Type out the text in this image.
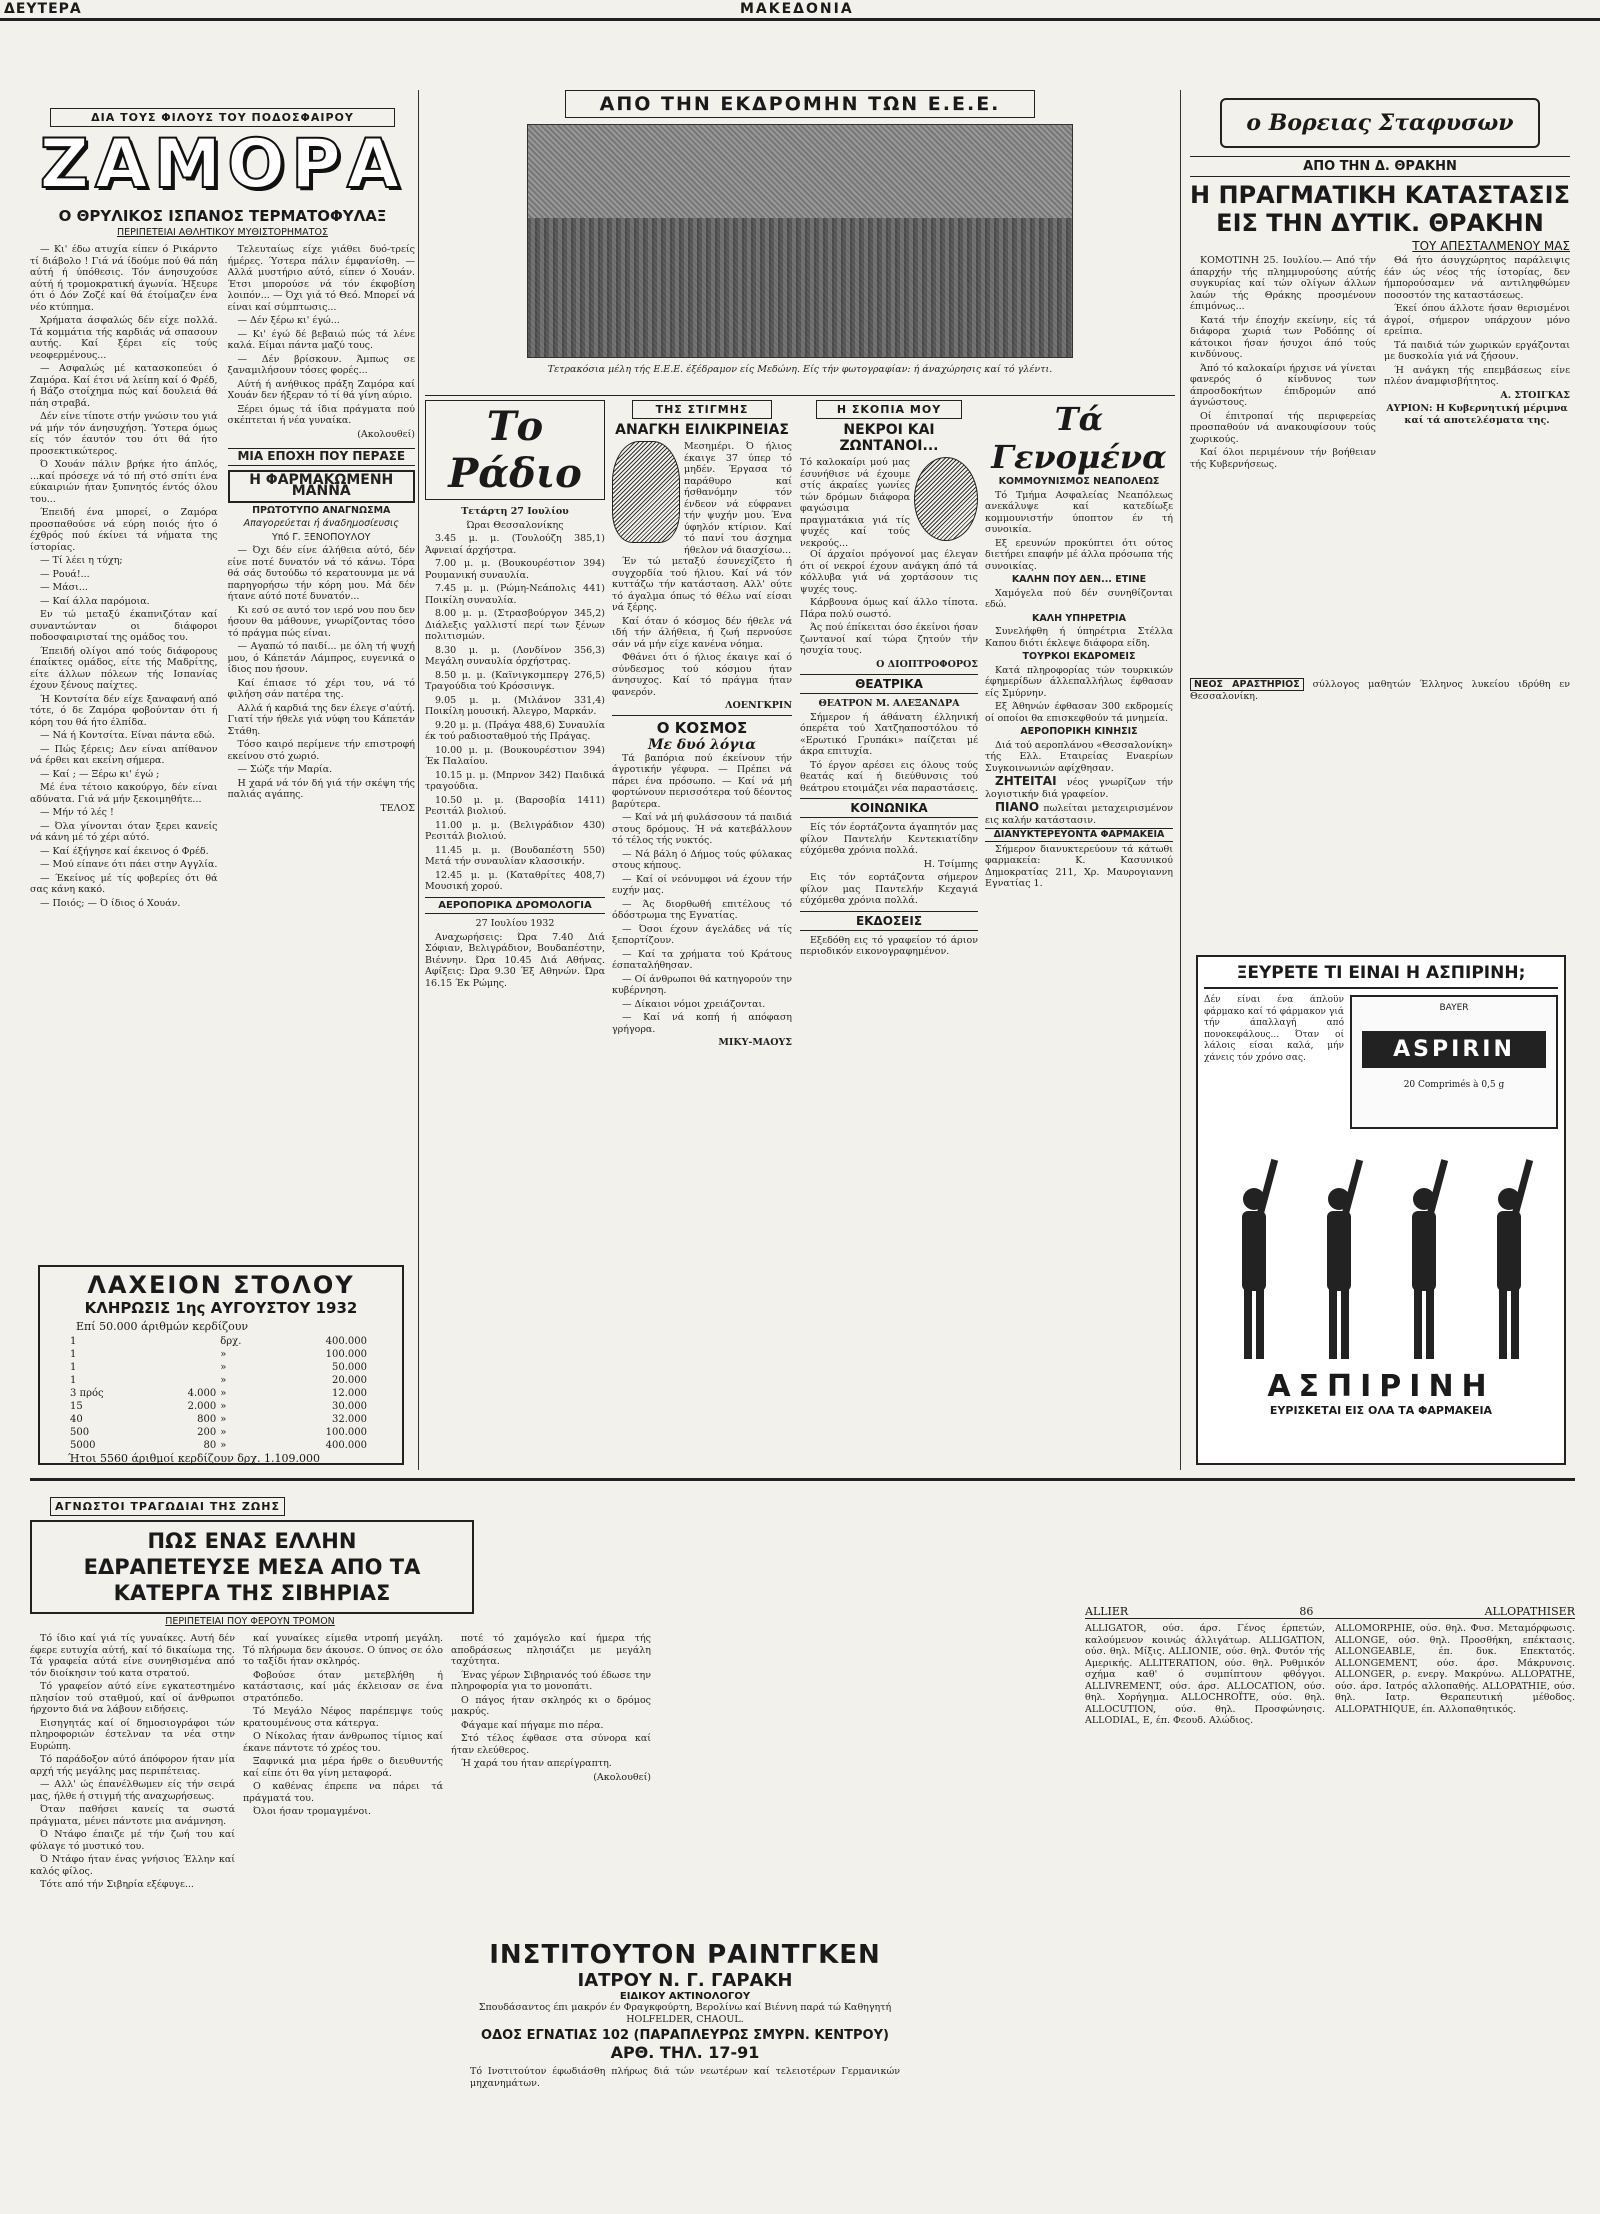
ΔΕΥΤΕΡΑ	ΜΑΚΕΔΟΝΙΑ
ΔΙΑ ΤΟΥΣ ΦΙΛΟΥΣ ΤΟΥ ΠΟΔΟΣΦΑΙΡΟΥ
ΖΑΜΟΡΑ
Ο ΘΡΥΛΙΚΟΣ ΙΣΠΑΝΟΣ ΤΕΡΜΑΤΟΦΥΛΑΞ
ΠΕΡΙΠΕΤΕΙΑΙ ΑΘΛΗΤΙΚΟΥ ΜΥΘΙΣΤΟΡΗΜΑΤΟΣ

— Κι' έδω ατυχία είπεν ό Ρικάρντο τί διάβολο ! Γιά νά ίδούμε πού θά πάη αύτή ή ύπόθεσις. Τόν άνησυχούσε αύτή ή τρομοκρατική άγωνία. Ήξευρε ότι ό Δόν Ζοζέ καί θά έτοίμαζεν ένα νέο κτύπημα.

Χρήματα άσφαλώς δέν είχε πολλά. Τά κομμάτια τής καρδιάς νά σπασουν αυτής. Καί ξέρει είς τούς νεοφερμένους...

— Ασφαλώς μέ κατασκοπεύει ό Ζαμόρα. Καί έτσι νά λείπη καί ό Φρέδ, ή Βάζο στοίχημα πώς καί δουλειά θά πάη στραβά.

Δέν είνε τίποτε στήν γνώσιν του γιά νά μήν τόν άνησυχήση. Ύστερα όμως είς τόν έαυτόν του ότι θά ήτο προσεκτικώτερος.

Ό Χουάν πάλιν βρήκε ήτο άπλός, ...καί πρόσεχε νά τό πή στό σπίτι ένα εύκαιριών ήταν ξυπνητός έντός όλου του...

Έπειδή ένα μπορεί, ο Ζαμόρα προσπαθούσε νά εύρη ποιός ήτο ό έχθρός πού έκίνει τά νήματα της ίστορίας.

— Τί λέει η τύχη;

— Ρουά!...

— Μάσι...

— Καί άλλα παρόμοια.

Εν τώ μεταξύ έκαπνιζόταν καί συναντώνταν οι διάφοροι ποδοσφαιρισταί της ομάδος του.

Έπειδή ολίγοι από τούς διάφορους έπαίκτες ομάδος, είτε τής Μαδρίτης, είτε άλλων πόλεων τής Ισπανίας έχουν ξένους παίχτες.

Ή Κοντσίτα δέν είχε ξαναφανή από τότε, ό δε Ζαμόρα φοβούνταν ότι ή κόρη του θά ήτο έλπίδα.

— Νά ή Κοντσίτα. Είναι πάντα εδώ.

— Πώς ξέρεις; Δεν είναι απίθανον νά έρθει και εκείνη σήμερα.

— Καί ; — Ξέρω κι' έγώ ;

Μέ ένα τέτοιο κακούργο, δέν είναι αδύνατα. Γιά νά μήν ξεκοιμηθήτε...

— Μήν τό λές !

— Όλα γίνονται όταν ξερει κανείς νά κάνη μέ τό χέρι αύτό.

— Καί έξήγησε καί έκεινος ό Φρέδ.

— Μού είπανε ότι πάει στην Αγγλία.

— Έκείνος μέ τίς φοβερίες ότι θά σας κάνη κακό.

— Ποιός; — Ό ίδιος ό Χουάν.

Τελευταίως είχε γιάθει δυό-τρείς ήμέρες. Ύστερα πάλιν έμφανίσθη. — Αλλά μυστήριο αύτό, είπεν ό Χουάν. Έτσι μπορούσε νά τόν έκφοβίση λοιπόν... — Όχι γιά τό Θεό. Μπορεί νά είναι καί σύμπτωσις...

— Δέν ξέρω κι' έγώ...

— Κι' έγώ δέ βεβαιώ πώς τά λένε καλά. Είμαι πάντα μαζύ τους.

— Δέν βρίσκουν. Άμπως σε ξαναμιλήσουν τόσες φορές...

Αύτή ή ανήθικος πράξη Ζαμόρα καί Χουάν δεν ήξεραν τό τί θά γίνη αύριο.

Ξέρει όμως τά ίδια πράγματα πού σκέπτεται ή νέα γυναίκα.

(Ακολουθεί)

ΜΙΑ ΕΠΟΧΗ ΠΟΥ ΠΕΡΑΣΕ
Η ΦΑΡΜΑΚΩΜΕΝΗ ΜΑΝΝΑ
ΠΡΩΤΟΤΥΠΟ ΑΝΑΓΝΩΣΜΑ
Απαγορεύεται ή άναδημοσίευσις
Υπό Γ. ΞΕΝΟΠΟΥΛΟΥ

— Όχι δέν είνε άλήθεια αύτό, δέν είνε ποτέ δυνατόν νά τό κάνω. Τόρα θά σάς δυτούδω τό κερατουνμα με νά παρηγορήσω τήν κόρη μου. Μά δέν ήτανε αύτό ποτέ δυνατόν...

Κι εσύ σε αυτό τον ιερό νου που δεν ήσουν θα μάθουνε, γνωρίζοντας τόσο τό πράγμα πώς είναι.

— Αγαπώ τό παιδί... με όλη τή ψυχή μου, ό Κάπετάν Λάμπρος, ευγενικά ο ίδιος που ήσουν.

Καί έπιασε τό χέρι του, νά τό φιλήση σάν πατέρα της.

Αλλά ή καρδιά της δεν έλεγε σ'αύτή. Γιατί τήν ήθελε γιά νύφη του Κάπετάν Στάθη.

Τόσο καιρό περίμενε τήν επιστροφή εκείνου στό χωριό.

— Σώζε τήν Μαρία.

Η χαρά νά τόν δή γιά τήν σκέψη τής παλιάς αγάπης.

ΤΕΛΟΣ

ΛΑΧΕΙΟΝ ΣΤΟΛΟΥ
ΚΛΗΡΩΣΙΣ 1ης ΑΥΓΟΥΣΤΟΥ 1932
Επί 50.000 άριθμών κερδίζουν
1		δρχ.	400.000
1		»	100.000
1		»	50.000
1		»	20.000
3 πρός	4.000	»	12.000
15	2.000	»	30.000
40	800	»	32.000
500	200	»	100.000
5000	80	»	400.000
Ήτοι 5560 άριθμοί κερδίζουν δρχ. 1.109.000
ΑΠΟ ΤΗΝ ΕΚΔΡΟΜΗΝ ΤΩΝ Ε.Ε.Ε.
Τετρακόσια μέλη τής Ε.Ε.Ε. έξέδραμον είς Μεδώνη. Είς τήν φωτογραφίαν: ή άναχώρησις καί τό γλέντι.
Το Ράδιο

Τετάρτη 27 Ιουλίου

Ώραι Θεσσαλονίκης

3.45 μ. μ. (Τουλούζη 385,1) Άφνειαί άρχήστρα.

7.00 μ. μ. (Βουκουρέστιον 394) Ρουμανική συναυλία.

7.45 μ. μ. (Ρώμη-Νεάπολις 441) Ποικίλη συναυλία.

8.00 μ. μ. (Στρασβούργον 345,2) Διάλεξις γαλλιστί περί των ξένων πολιτισμών.

8.30 μ. μ. (Λονδίνον 356,3) Μεγάλη συναυλία όρχήστρας.

8.50 μ. μ. (Καϊνιγκσμπεργ 276,5) Τραγούδια τού Κρόσσινγκ.

9.05 μ. μ. (Μιλάνον 331,4) Ποικίλη μουσική. Άλεγρο, Μαρκάν.

9.20 μ. μ. (Πράγα 488,6) Συναυλία έκ τού ραδιοσταθμού τής Πράγας.

10.00 μ. μ. (Βουκουρέστιον 394) Έκ Παλαίου.

10.15 μ. μ. (Μπρνον 342) Παιδικά τραγούδια.

10.50 μ. μ. (Βαρσοβία 1411) Ρεσιτάλ βιολιού.

11.00 μ. μ. (Βελιγράδιον 430) Ρεσιτάλ βιολιού.

11.45 μ. μ. (Βουδαπέστη 550) Μετά τήν συναυλίαν κλασσικήν.

12.45 μ. μ. (Καταθρίτες 408,7) Μουσική χορού.

ΑΕΡΟΠΟΡΙΚΑ ΔΡΟΜΟΛΟΓΙΑ

27 Ιουλίου 1932

Αναχωρήσεις: Ώρα 7.40 Διά Σόφιαν, Βελιγράδιον, Βουδαπέστην, Βιέννην. Ώρα 10.45 Διά Αθήνας. Αφίξεις: Ώρα 9.30 Έξ Αθηνών. Ώρα 16.15 Έκ Ρώμης.

ΤΗΣ ΣΤΙΓΜΗΣ
ΑΝΑΓΚΗ ΕΙΛΙΚΡΙΝΕΙΑΣ
Μεσημέρι. Ό ήλιος έκαιγε 37 ύπερ τό μηδέν. Έργασα τό παράθυρο καί ήσθανόμην τόν ένδεον νά εύφρανει τήν ψυχήν μου. Ένα ύφηλόν κτίριον. Καί τό πανί του άσχημα ήθελον νά διασχίσω...

Έν τώ μεταξύ έσυνεχίζετο ή συγχορδία τού ήλιου. Καί νά τόν κυττάζω τήν κατάσταση. Αλλ' ούτε τό άγαλμα όπως τό θέλω ναί είσαι νά ξέρης.

Καί όταν ό κόσμος δέν ήθελε νά ιδή τήν άλήθεια, ή ζωή περνούσε σάν νά μήν είχε κανένα νόημα.

Φθάνει ότι ό ήλιος έκαιγε καί ό σύνδεσμος τού κόσμου ήταν άνησυχος. Καί τό πράγμα ήταν φανερόν.

ΛΟΕΝΓΚΡΙΝ

Ο ΚΟΣΜΟΣ
Με δυό λόγια

Τά βαπόρια πού έκείνουν τήν άγροτικήν γέφυρα. — Πρέπει νά πάρει ένα πρόσωπο. — Καί νά μή φορτώνουν περισσότερα τού δέοντος βαρύτερα.

— Καί νά μή φυλάσσουν τά παιδιά στους δρόμους. Ή νά κατεβάλλουν τό τέλος τής νυκτός.

— Νά βάλη ό Δήμος τούς φύλακας στους κήπους.

— Καί οί νεόνυμφοι νά έχουν τήν ευχήν μας.

— Άς διορθωθή επιτέλους τό όδόστρωμα της Εγνατίας.

— Όσοι έχουν άγελάδες νά τίς ξεπορτίζουν.

— Καί τα χρήματα τού Κράτους έσπαταλήθησαν.

— Οί άνθρωποι θά κατηγορούν την κυβέρνηση.

— Δίκαιοι νόμοι χρειάζονται.

— Καί νά κοπή ή απόφαση γρήγορα.

ΜΙΚΥ-ΜΑΟΥΣ

Η ΣΚΟΠΙΑ ΜΟΥ
ΝΕΚΡΟΙ ΚΑΙ ΖΩΝΤΑΝΟΙ...
Τό καλοκαίρι μού μας έσυνήθισε νά έχουμε στίς άκραίες γωνίες τών δρόμων διάφορα φαγώσιμα πραγματάκια γιά τίς ψυχές καί τούς νεκρούς...

Οί άρχαίοι πρόγονοί μας έλεγαν ότι οί νεκροί έχουν ανάγκη άπό τά κόλλυβα γιά νά χορτάσουν τις ψυχές τους.

Κάρβουνα όμως καί άλλο τίποτα. Πάρα πολύ σωστό.

Άς πού έπίκειται όσο έκείνοι ήσαν ζωντανοί καί τώρα ζητούν τήν ησυχία τους.

Ο ΔΙΟΠΤΡΟΦΟΡΟΣ

ΘΕΑΤΡΙΚΑ

ΘΕΑΤΡΟΝ Μ. ΑΛΕΞΑΝΔΡΑ

Σήμερον ή άθάνατη έλληνική όπερέτα τού Χατζηαποστόλου τό «Ερωτικό Γρυπάκι» παίζεται μέ άκρα επιτυχία.

Τό έργον αρέσει εις όλους τούς θεατάς καί ή διεύθυνσις τού θεάτρου ετοιμάζει νέα παραστάσεις.

ΚΟΙΝΩΝΙΚΑ

Είς τόν έορτάζοντα άγαπητόν μας φίλον Παντελήν Κεντεκιατίδην εύχόμεθα χρόνια πολλά.

Η. Τσίμπης

Εις τόν εορτάζοντα σήμερον φίλον μας Παντελήν Κεχαγιά εύχόμεθα χρόνια πολλά.

ΕΚΔΟΣΕΙΣ

Εξεδόθη εις τό γραφείον τό άριον περιοδικόν εικονογραφημένον.

Τά Γενομένα

ΚΟΜΜΟΥΝΙΣΜΟΣ ΝΕΑΠΟΛΕΩΣ

Τό Τμήμα Ασφαλείας Νεαπόλεως ανεκάλυψε καί κατεδίωξε κομμουνιστήν ύποπτον έν τή συνοικία.

Εξ ερευνών προκύπτει ότι ούτος διετήρει επαφήν μέ άλλα πρόσωπα τής συνοικίας.

ΚΑΛΗΝ ΠΟΥ ΔΕΝ... ΕΤΙΝΕ

Χαμόγελα πού δέν συνηθίζονται εδώ.

ΚΑΛΗ ΥΠΗΡΕΤΡΙΑ

Συνελήφθη ή ύπηρέτρια Στέλλα Καπου διότι έκλεψε διάφορα είδη.

ΤΟΥΡΚΟΙ ΕΚΔΡΟΜΕΙΣ

Κατά πληροφορίας τών τουρκικών έφημερίδων άλλεπαλλήλως έφθασαν είς Σμύρνην.

Εξ Άθηνών έφθασαν 300 εκδρομείς οί οποίοι θα επισκεφθούν τά μνημεία.

ΑΕΡΟΠΟΡΙΚΗ ΚΙΝΗΣΙΣ

Διά τού αεροπλάνου «Θεσσαλονίκη» τής Ελλ. Εταιρείας Εναερίων Συγκοινωνιών αφίχθησαν.

ΖΗΤΕΙΤΑΙ νέος γνωρίζων τήν λογιστικήν διά γραφείον.

ΠΙΑΝΟ πωλείται μεταχειρισμένον εις καλήν κατάστασιν.

ΔΙΑΝΥΚΤΕΡΕΥΟΝΤΑ ΦΑΡΜΑΚΕΙΑ

Σήμερον διανυκτερεύουν τά κάτωθι φαρμακεία: Κ. Κασυνικού Δημοκρατίας 211, Χρ. Μαυρογιαννη Εγνατίας 1.

ο Βορειας Σταφυσων
ΑΠΟ ΤΗΝ Δ. ΘΡΑΚΗΝ
Η ΠΡΑΓΜΑΤΙΚΗ ΚΑΤΑΣΤΑΣΙΣ ΕΙΣ ΤΗΝ ΔΥΤΙΚ. ΘΡΑΚΗΝ
ΤΟΥ ΑΠΕΣΤΑΛΜΕΝΟΥ ΜΑΣ

ΚΟΜΟΤΙΝΗ 25. Ιουλίου.— Από τήν άπαρχήν τής πλημμυρούσης αύτής συγκυρίας καί τών ολίγων άλλων λαών τής Θράκης προσμένουν έπιμόνως...

Κατά τήν έποχήν εκείνην, είς τά διάφορα χωριά των Ροδόπης οί κάτοικοι ήσαν ήσυχοι άπό τούς κινδύνους.

Άπό τό καλοκαίρι ήρχισε νά γίνεται φανερός ό κίνδυνος των άπροσδοκήτων έπιδρομών από άγνώστους.

Οί έπιτροπαί τής περιφερείας προσπαθούν νά ανακουφίσουν τούς χωρικούς.

Καί όλοι περιμένουν τήν βοήθειαν τής Κυβερνήσεως.

Θά ήτο άσυγχώρητος παράλειψις έάν ώς νέος τής ίστορίας, δεν ήμπορούσαμεν νά αντιληφθώμεν ποσοστόν της καταστάσεως.

Έκεί όπου άλλοτε ήσαν θερισμένοι άγροί, σήμερον υπάρχουν μόνο ερείπια.

Τά παιδιά τών χωρικών εργάζονται με δυσκολία γιά νά ζήσουν.

Ή ανάγκη τής επεμβάσεως είνε πλέον άναμφισβήτητος.

Α. ΣΤΟΙΓΚΑΣ

ΑΥΡΙΟΝ: Η Κυβερνητική μέριμνα καί τά αποτελέσματα της.

ΝΕΟΣ ΑΡΑΣΤΗΡΙΟΣ σύλλογος μαθητών Έλληνος λυκείου ιδρύθη εν Θεσσαλονίκη.
ΞΕΥΡΕΤΕ ΤΙ ΕΙΝΑΙ Η ΑΣΠΙΡΙΝΗ;
Δέν είναι ένα άπλοϋν φάρμακο καί τό φάρμακον γιά τήν άπαλλαγή από πονοκεφάλους... Όταν οί λάλοις είσαι καλά, μήν χάνεις τόν χρόνο σας.
BAYER
ASPIRIN
20 Comprimés à 0,5 g
ΑΣΠΙΡΙΝΗ
ΕΥΡΙΣΚΕΤΑΙ ΕΙΣ ΟΛΑ ΤΑ ΦΑΡΜΑΚΕΙΑ
ΑΓΝΩΣΤΟΙ ΤΡΑΓΩΔΙΑΙ ΤΗΣ ΖΩΗΣ
ΠΩΣ ΕΝΑΣ ΕΛΛΗΝ ΕΔΡΑΠΕΤΕΥΣΕ ΜΕΣΑ ΑΠΟ ΤΑ ΚΑΤΕΡΓΑ ΤΗΣ ΣΙΒΗΡΙΑΣ
ΠΕΡΙΠΕΤΕΙΑΙ ΠΟΥ ΦΕΡΟΥΝ ΤΡΟΜΟΝ

Τό ίδιο καί γιά τίς γυναίκες. Αυτή δέν έφερε ευτυχία αύτή, καί τό δικαίωμα της. Τά γραφεία αύτά είνε συνηθισμένα από τόν διοίκησιν τού κατα στρατού.

Τό γραφείον αύτό είνε εγκατεστημένο πλησίον τού σταθμού, καί οί άνθρωποι ήρχοντο διά να λάβουν ειδήσεις.

Εισηγητάς καί οί δημοσιογράφοι τών πληροφοριών έστελναν τα νέα στην Ευρώπη.

Τό παράδοξον αύτό άπόφορον ήταν μία αρχή τής μεγάλης μας περιπέτειας.

— Αλλ' ώς έπανέλθωμεν είς τήν σειρά μας, ήλθε ή στιγμή τής αναχωρήσεως.

Όταν παθήσει κανείς τα σωστά πράγματα, μένει πάντοτε μια ανάμνηση.

Ό Ντάφο έπαιζε μέ τήν ζωή του καί φύλαγε τό μυστικό του.

Ό Ντάφο ήταν ένας γνήσιος Έλλην καί καλός φίλος.

Τότε από τήν Σιβηρία εξέφυγε...

καί γυναίκες είμεθα ντροπή μεγάλη. Τό πλήρωμα δεν άκουσε. Ο ύπνος σε όλο το ταξίδι ήταν σκληρός.

Φοβούσε όταν μετεβλήθη ή κατάστασις, καί μάς έκλεισαν σε ένα στρατόπεδο.

Τό Μεγάλο Νέφος παρέπεμψε τούς κρατουμένους στα κάτεργα.

Ο Νίκολας ήταν άνθρωπος τίμιος καί έκανε πάντοτε τό χρέος του.

Ξαφνικά μια μέρα ήρθε ο διευθυντής καί είπε ότι θα γίνη μεταφορά.

Ο καθένας έπρεπε να πάρει τά πράγματά του.

Όλοι ήσαν τρομαγμένοι.

ποτέ τό χαμόγελο καί ήμερα τής αποδράσεως πλησιάζει με μεγάλη ταχύτητα.

Ένας γέρων Σιβηριανός τού έδωσε την πληροφορία για το μονοπάτι.

Ο πάγος ήταν σκληρός κι ο δρόμος μακρύς.

Φάγαμε καί πήγαμε πιο πέρα.

Στό τέλος έφθασε στα σύνορα καί ήταν ελεύθερος.

Ή χαρά του ήταν απερίγραπτη.

(Ακολουθεί)

ΙΝΣΤΙΤΟΥΤΟΝ ΡΑΙΝΤΓΚΕΝ
ΙΑΤΡΟΥ Ν. Γ. ΓΑΡΑΚΗ
ΕΙΔΙΚΟΥ ΑΚΤΙΝΟΛΟΓΟΥ
Σπουδάσαντος έπι μακρόν έν Φραγκφούρτη, Βερολίνω καί Βιέννη παρά τώ Καθηγητή HOLFELDER, CHAOUL.
ΟΔΟΣ ΕΓΝΑΤΙΑΣ 102 (ΠΑΡΑΠΛΕΥΡΩΣ ΣΜΥΡΝ. ΚΕΝΤΡΟΥ)
ΑΡΘ. ΤΗΛ. 17-91
Τό Ινστιτούτον έφωδιάσθη πλήρως διά τών νεωτέρων καί τελειοτέρων Γερμανικών μηχανημάτων.
ALLIER	86	ALLOPATHISER
ALLIGATOR, ούσ. άρσ. Γένος έρπετών, καλούμενον κοινώς άλλιγάτωρ. ALLIGATION, ούσ. θηλ. Μίξις. ALLIONIE, ούσ. θηλ. Φυτόν τής Αμερικής. ALLITERATION, ούσ. θηλ. Ρυθμικόν σχήμα καθ' ό συμπίπτουν φθόγγοι. ALLIVREMENT, ούσ. άρσ. ALLOCATION, ούσ. θηλ. Χορήγημα. ALLOCHROÏTE, ούσ. θηλ. ALLOCUTION, ούσ. θηλ. Προσφώνησις. ALLODIAL, E, έπ. Φεουδ. Αλώδιος.
ALLOMORPHIE, ούσ. θηλ. Φυσ. Μεταμόρφωσις. ALLONGE, ούσ. θηλ. Προσθήκη, επέκτασις. ALLONGEABLE, έπ. δυκ. Επεκτατός. ALLONGEMENT, ούσ. άρσ. Μάκρυνσις. ALLONGER, ρ. ενεργ. Μακρύνω. ALLOPATHE, ούσ. άρσ. Ιατρός αλλοπαθής. ALLOPATHIE, ούσ. θηλ. Ιατρ. Θεραπευτική μέθοδος. ALLOPATHIQUE, έπ. Αλλοπαθητικός.
